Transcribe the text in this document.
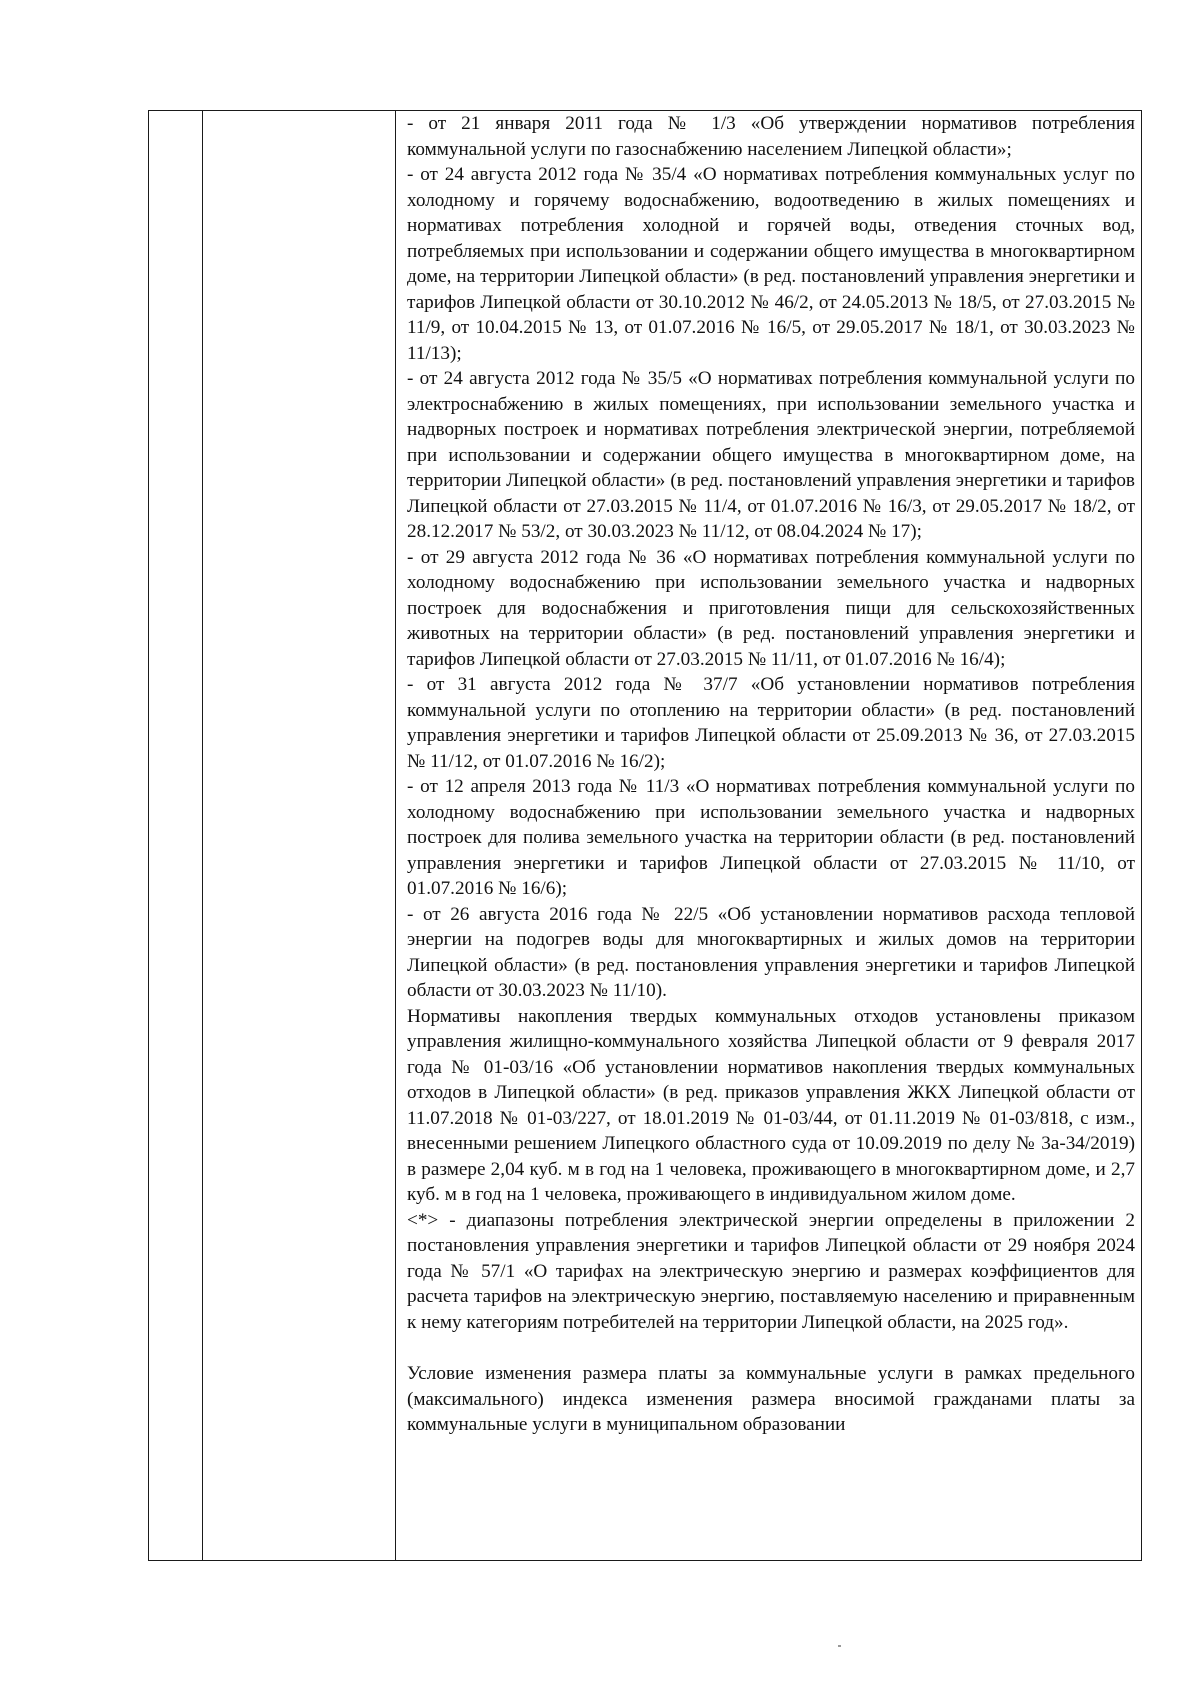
- от 21 января 2011 года № 1/3 «Об утверждении нормативов потребления коммунальной услуги по газоснабжению населением Липецкой области»;

- от 24 августа 2012 года № 35/4 «О нормативах потребления коммунальных услуг по холодному и горячему водоснабжению, водоотведению в жилых помещениях и нормативах потребления холодной и горячей воды, отведения сточных вод, потребляемых при использовании и содержании общего имущества в многоквартирном доме, на территории Липецкой области» (в ред. постановлений управления энергетики и тарифов Липецкой области от 30.10.2012 № 46/2, от 24.05.2013 № 18/5, от 27.03.2015 № 11/9, от 10.04.2015 № 13, от 01.07.2016 № 16/5, от 29.05.2017 № 18/1, от 30.03.2023 № 11/13);

- от 24 августа 2012 года № 35/5 «О нормативах потребления коммунальной услуги по электроснабжению в жилых помещениях, при использовании земельного участка и надворных построек и нормативах потребления электрической энергии, потребляемой при использовании и содержании общего имущества в многоквартирном доме, на территории Липецкой области» (в ред. постановлений управления энергетики и тарифов Липецкой области от 27.03.2015 № 11/4, от 01.07.2016 № 16/3, от 29.05.2017 № 18/2, от 28.12.2017 № 53/2, от 30.03.2023 № 11/12, от 08.04.2024 № 17);

- от 29 августа 2012 года № 36 «О нормативах потребления коммунальной услуги по холодному водоснабжению при использовании земельного участка и надворных построек для водоснабжения и приготовления пищи для сельскохозяйственных животных на территории области» (в ред. постановлений управления энергетики и тарифов Липецкой области от 27.03.2015 № 11/11, от 01.07.2016 № 16/4);

- от 31 августа 2012 года № 37/7 «Об установлении нормативов потребления коммунальной услуги по отоплению на территории области» (в ред. постановлений управления энергетики и тарифов Липецкой области от 25.09.2013 № 36, от 27.03.2015 № 11/12, от 01.07.2016 № 16/2);

- от 12 апреля 2013 года № 11/3 «О нормативах потребления коммунальной услуги по холодному водоснабжению при использовании земельного участка и надворных построек для полива земельного участка на территории области (в ред. постановлений управления энергетики и тарифов Липецкой области от 27.03.2015 № 11/10, от 01.07.2016 № 16/6);

- от 26 августа 2016 года № 22/5 «Об установлении нормативов расхода тепловой энергии на подогрев воды для многоквартирных и жилых домов на территории Липецкой области» (в ред. постановления управления энергетики и тарифов Липецкой области от 30.03.2023 № 11/10).

Нормативы накопления твердых коммунальных отходов установлены приказом управления жилищно-коммунального хозяйства Липецкой области от 9 февраля 2017 года № 01-03/16 «Об установлении нормативов накопления твердых коммунальных отходов в Липецкой области» (в ред. приказов управления ЖКХ Липецкой области от 11.07.2018 № 01-03/227, от 18.01.2019 № 01-03/44, от 01.11.2019 № 01-03/818, с изм., внесенными решением Липецкого областного суда от 10.09.2019 по делу № 3а-34/2019) в размере 2,04 куб. м в год на 1 человека, проживающего в многоквартирном доме, и 2,7 куб. м в год на 1 человека, проживающего в индивидуальном жилом доме.

<*> - диапазоны потребления электрической энергии определены в приложении 2 постановления управления энергетики и тарифов Липецкой области от 29 ноября 2024 года № 57/1 «О тарифах на электрическую энергию и размерах коэффициентов для расчета тарифов на электрическую энергию, поставляемую населению и приравненным к нему категориям потребителей на территории Липецкой области, на 2025 год».

Условие изменения размера платы за коммунальные услуги в рамках предельного (максимального) индекса изменения размера вносимой гражданами платы за коммунальные услуги в муниципальном образовании
